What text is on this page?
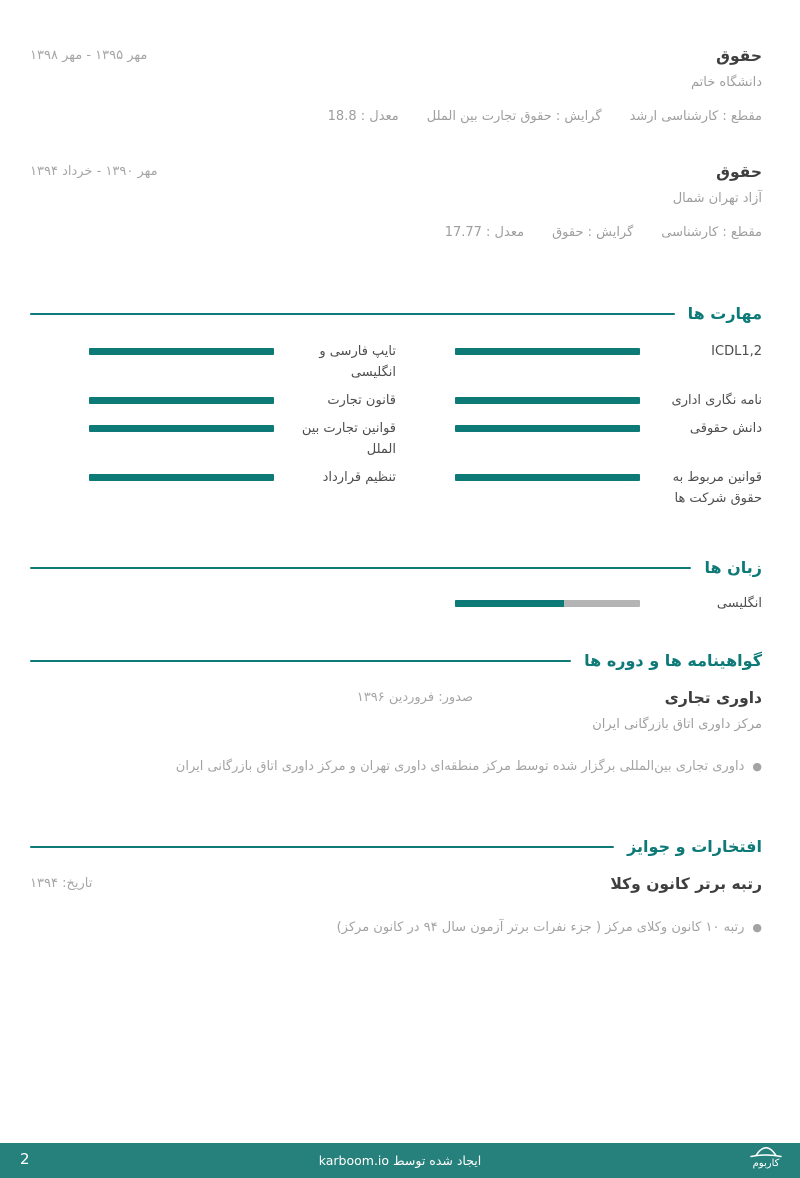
حقوق
مهر ۱۳۹۵ - مهر ۱۳۹۸
دانشگاه خاتم
مقطع : کارشناسی ارشد
گرایش : حقوق تجارت بین الملل
معدل : 18.8
حقوق
مهر ۱۳۹۰ - خرداد ۱۳۹۴
آزاد تهران شمال
مقطع : کارشناسی
گرایش : حقوق
معدل : 17.77
مهارت ها
ICDL1,2
تایپ فارسی و انگلیسی
نامه نگاری اداری
قانون تجارت
دانش حقوقی
قوانین تجارت بین الملل
قوانین مربوط به حقوق شرکت ها
تنظیم قرارداد
زبان ها
انگلیسی
گواهینامه ها و دوره ها
داوری تجاری
صدور: فروردین ۱۳۹۶
مرکز داوری اتاق بازرگانی ایران
●
داوری تجاری بین‌المللی برگزار شده توسط مرکز منطقه‌ای داوری تهران و مرکز داوری اتاق بازرگانی ایران
افتخارات و جوایز
رتبه برتر کانون وکلا
تاریخ: ۱۳۹۴
●
رتبه ۱۰ کانون وکلای مرکز ( جزء نفرات برتر آزمون سال ۹۴ در کانون مرکز)
2	ایجاد شده توسط karboom.io	کاربوم
